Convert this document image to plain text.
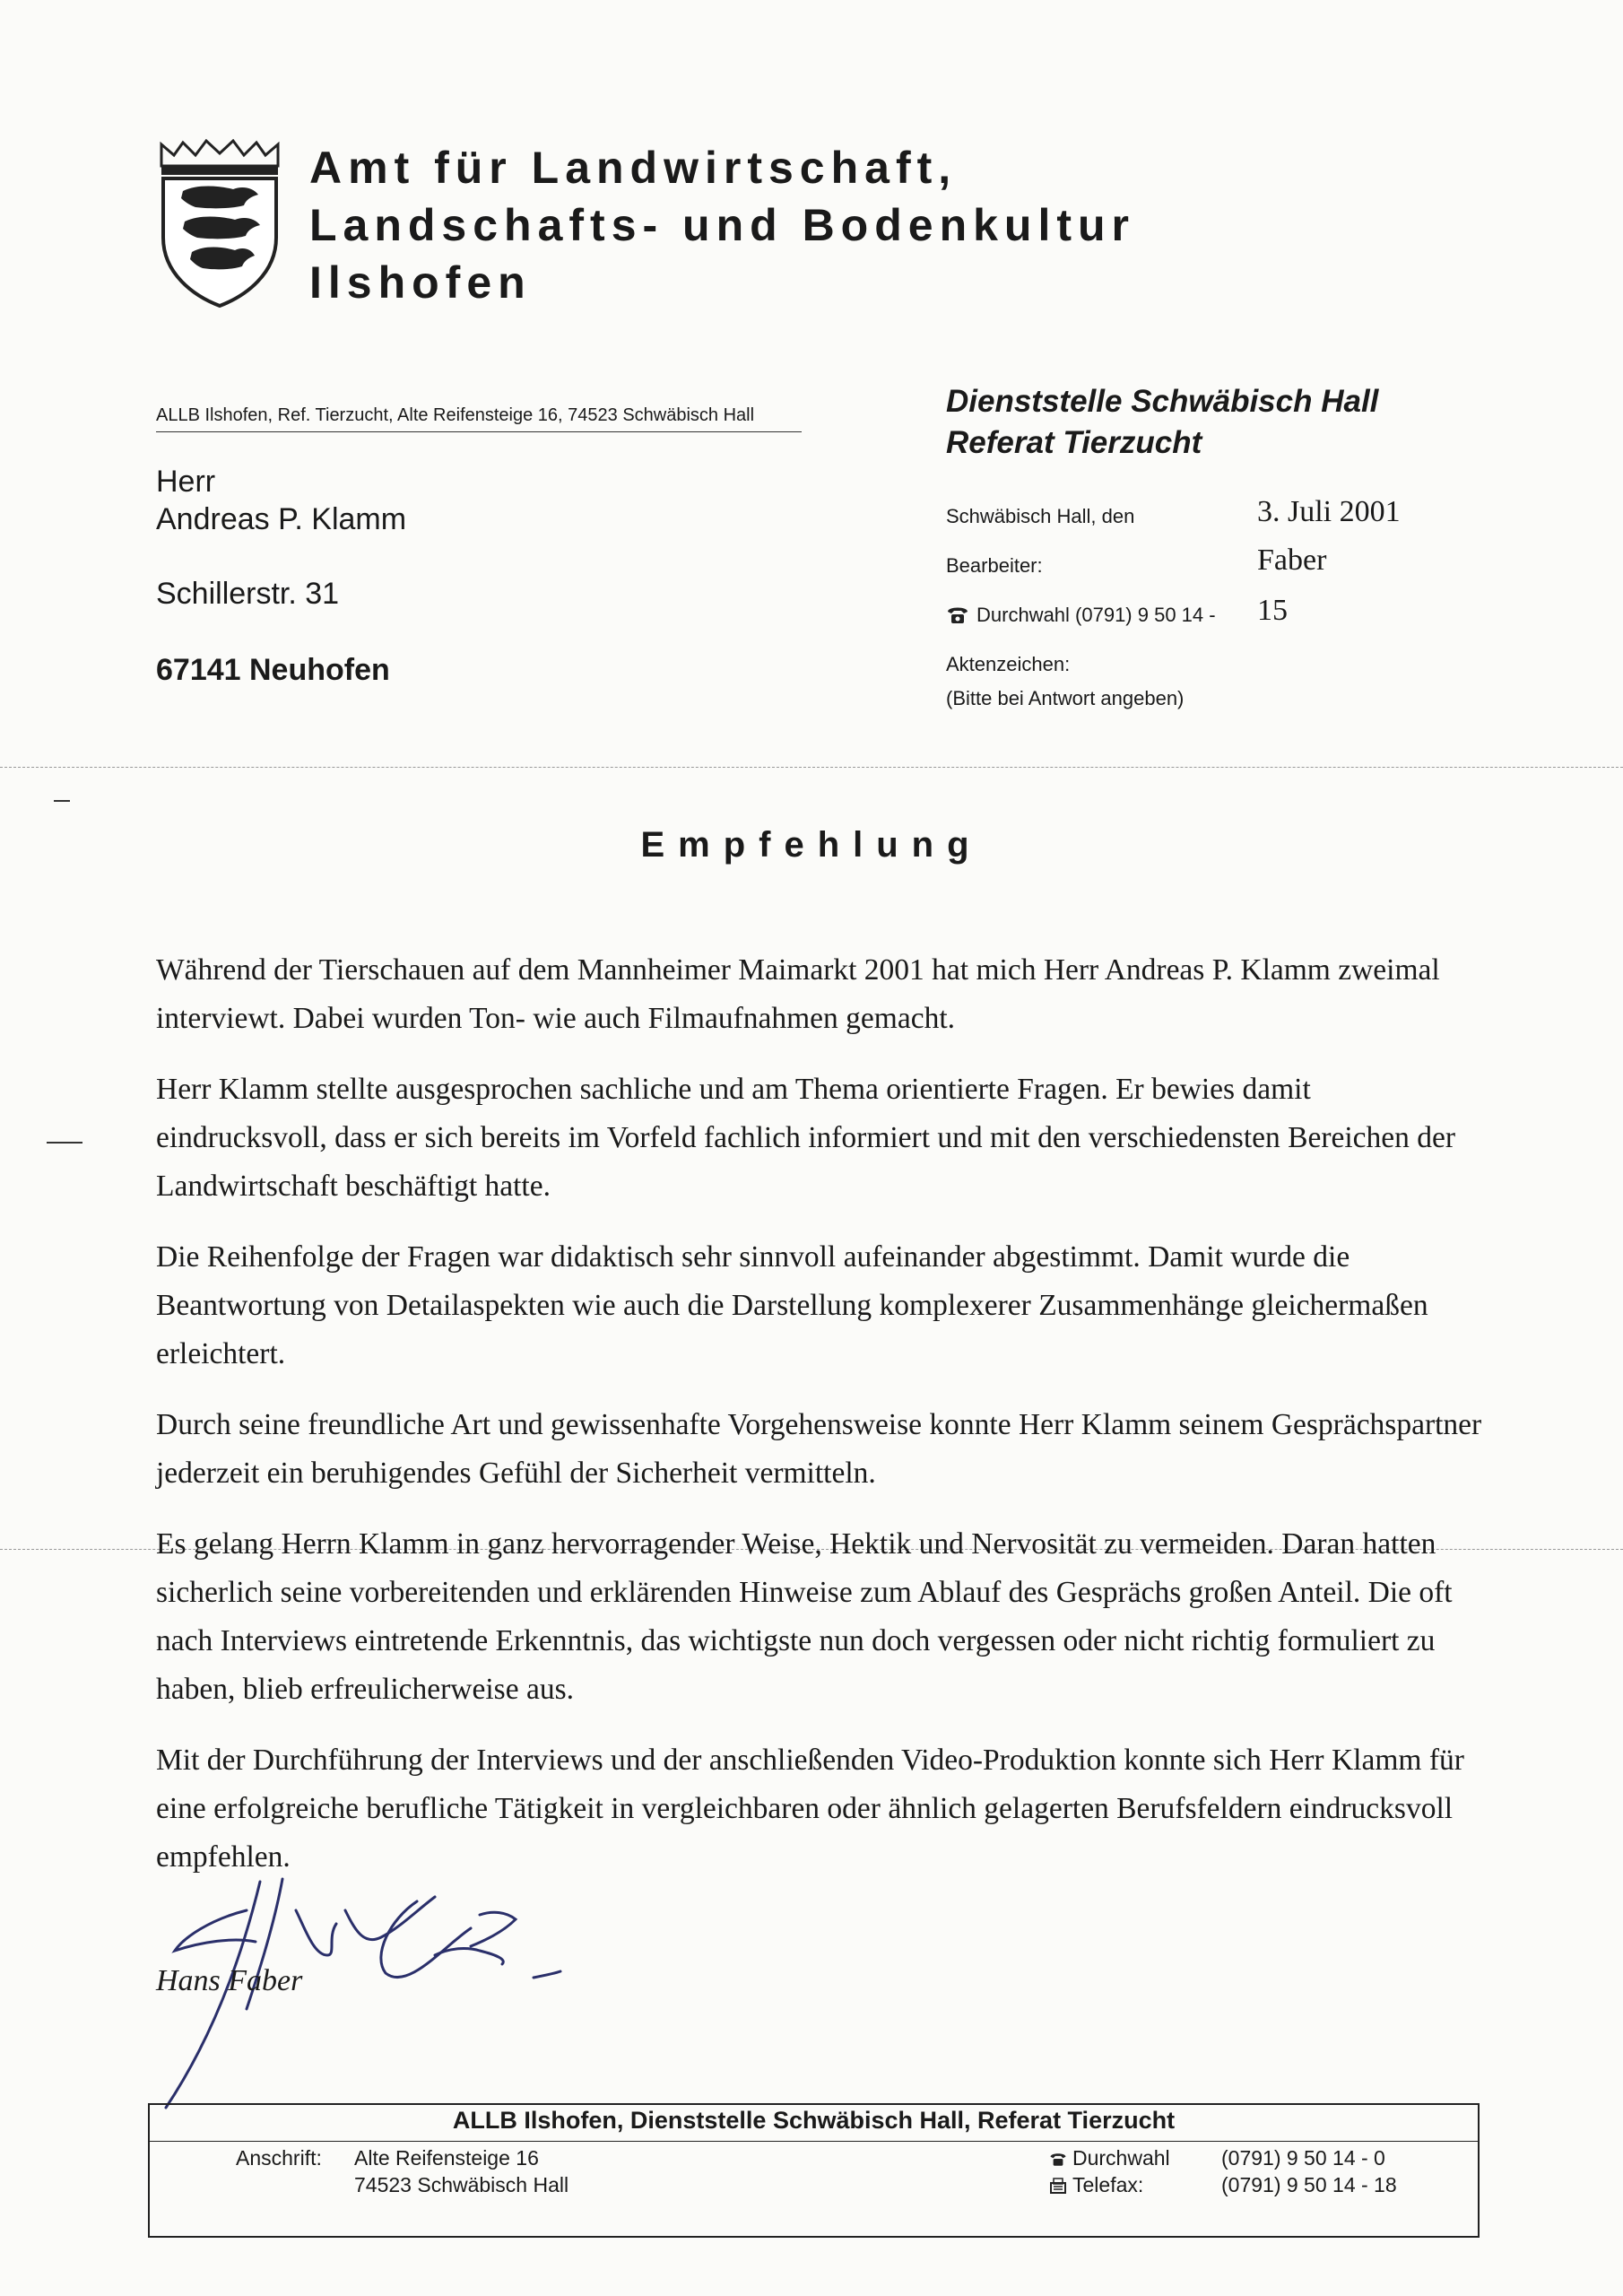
Amt für Landwirtschaft,
Landschafts- und Bodenkultur
Ilshofen
ALLB Ilshofen, Ref. Tierzucht, Alte Reifensteige 16, 74523 Schwäbisch Hall
Herr
Andreas P. Klamm
Schillerstr. 31
67141 Neuhofen
Dienststelle Schwäbisch Hall
Referat Tierzucht
Schwäbisch Hall, den	3. Juli 2001
Bearbeiter:	Faber
Durchwahl (0791) 9 50 14 - 15
Aktenzeichen:
(Bitte bei Antwort angeben)
Empfehlung

Während der Tierschauen auf dem Mannheimer Maimarkt 2001 hat mich Herr Andreas P. Klamm zweimal interviewt. Dabei wurden Ton- wie auch Filmaufnahmen gemacht.

Herr Klamm stellte ausgesprochen sachliche und am Thema orientierte Fragen. Er bewies damit eindrucksvoll, dass er sich bereits im Vorfeld fachlich informiert und mit den verschiedensten Bereichen der Landwirtschaft beschäftigt hatte.

Die Reihenfolge der Fragen war didaktisch sehr sinnvoll aufeinander abgestimmt. Damit wurde die Beantwortung von Detailaspekten wie auch die Darstellung komplexerer Zusammenhänge gleichermaßen erleichtert.

Durch seine freundliche Art und gewissenhafte Vorgehensweise konnte Herr Klamm seinem Gesprächspartner jederzeit ein beruhigendes Gefühl der Sicherheit vermitteln.

Es gelang Herrn Klamm in ganz hervorragender Weise, Hektik und Nervosität zu vermeiden. Daran hatten sicherlich seine vorbereitenden und erklärenden Hinweise zum Ablauf des Gesprächs großen Anteil. Die oft nach Interviews eintretende Erkenntnis, das wichtigste nun doch vergessen oder nicht richtig formuliert zu haben, blieb erfreulicherweise aus.

Mit der Durchführung der Interviews und der anschließenden Video-Produktion konnte sich Herr Klamm für eine erfolgreiche berufliche Tätigkeit in vergleichbaren oder ähnlich gelagerten Berufsfeldern eindrucksvoll empfehlen.

Hans Faber
ALLB Ilshofen, Dienststelle Schwäbisch Hall, Referat Tierzucht
Anschrift: Alte Reifensteige 16
74523 Schwäbisch Hall
Durchwahl (0791) 9 50 14 - 0
Telefax:	(0791) 9 50 14 - 18
